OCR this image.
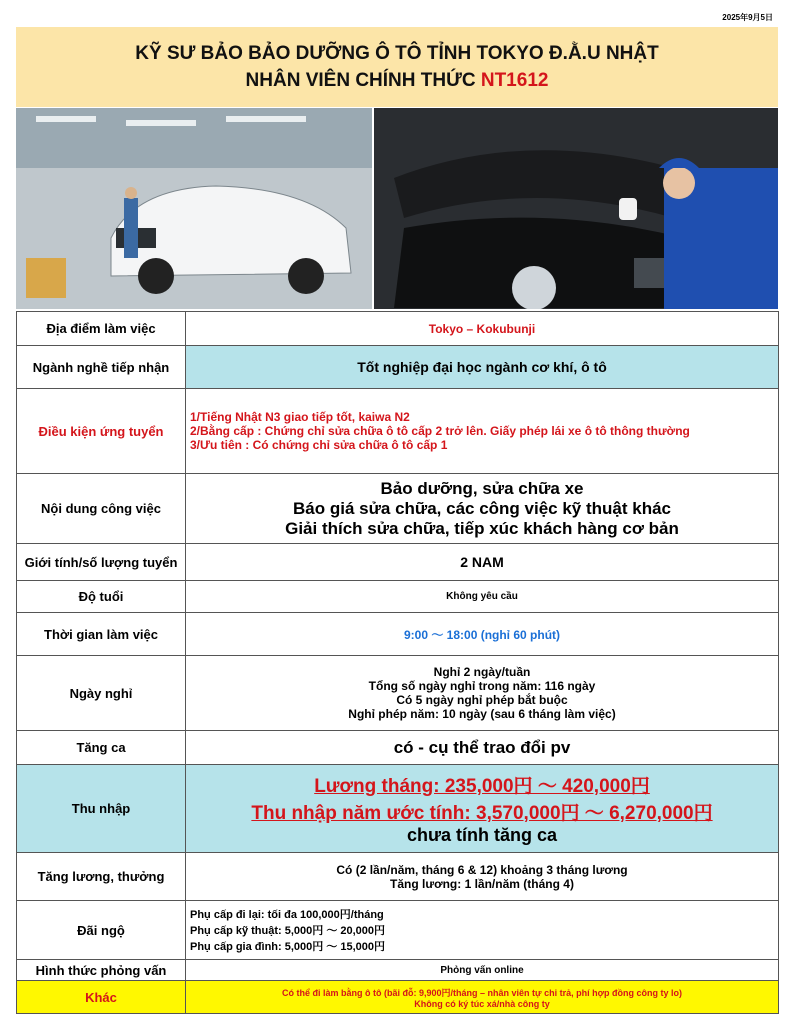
2025年9月5日
KỸ SƯ BẢO BẢO DƯỠNG Ô TÔ TỈNH TOKYO Đ.Ằ.U NHẬT
NHÂN VIÊN CHÍNH THỨC NT1612
Địa điểm làm việc	Tokyo – Kokubunji
Ngành nghề tiếp nhận	Tốt nghiệp đại học ngành cơ khí, ô tô
Điều kiện ứng tuyển	1/Tiếng Nhật N3 giao tiếp tốt, kaiwa N2
2/Bằng cấp : Chứng chỉ sửa chữa ô tô cấp 2 trở lên. Giấy phép lái xe ô tô thông thường
3/Ưu tiên : Có chứng chỉ sửa chữa ô tô cấp 1

Nội dung công việc	Bảo dưỡng, sửa chữa xe
Báo giá sửa chữa, các công việc kỹ thuật khác
Giải thích sửa chữa, tiếp xúc khách hàng cơ bản

Giới tính/số lượng tuyển	2 NAM
Độ tuổi	Không yêu cầu
Thời gian làm việc	9:00 ～ 18:00 (nghỉ 60 phút)
Ngày nghỉ	Nghỉ 2 ngày/tuần
Tổng số ngày nghỉ trong năm: 116 ngày
Có 5 ngày nghỉ phép bắt buộc
Nghỉ phép năm: 10 ngày (sau 6 tháng làm việc)

Tăng ca	có - cụ thể trao đổi pv
Thu nhập	Lương tháng: 235,000円 ～ 420,000円
Thu nhập năm ước tính: 3,570,000円 ～ 6,270,000円
chưa tính tăng ca

Tăng lương, thưởng	Có (2 lần/năm, tháng 6 & 12) khoảng 3 tháng lương
Tăng lương: 1 lần/năm (tháng 4)

Đãi ngộ	Phụ cấp đi lại: tối đa 100,000円/tháng
Phụ cấp kỹ thuật: 5,000円 ～ 20,000円
Phụ cấp gia đình: 5,000円 ～ 15,000円

Hình thức phỏng vấn	Phỏng vấn online
Khác	Có thể đi làm bằng ô tô (bãi đỗ: 9,900円/tháng – nhân viên tự chi trả, phí hợp đồng công ty lo)
Không có ký túc xá/nhà công ty
